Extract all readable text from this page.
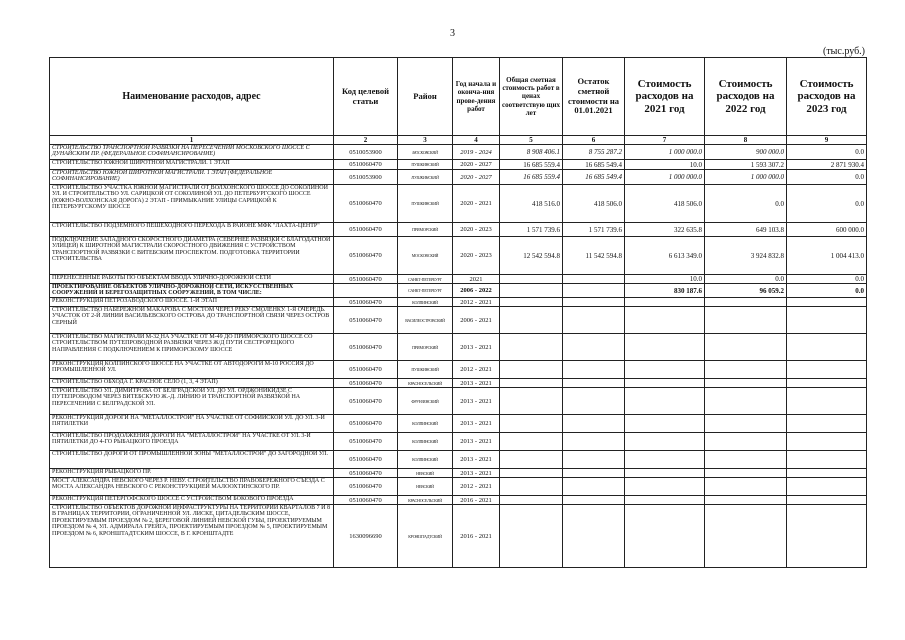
3
(тыс.руб.)
Наименование расходов, адрес	Код целевой статьи	Район	Год начала и оконча-ния прове-дения работ	Общая сметная стоимость работ в ценах соответствую щих лет	Остаток сметной стоимости на 01.01.2021	Стоимость расходов на 2021 год	Стоимость расходов на 2022 год	Стоимость расходов на 2023 год
1	2	3	4	5	6	7	8	9
СТРОИТЕЛЬСТВО ТРАНСПОРТНОЙ РАЗВЯЗКИ НА ПЕРЕСЕЧЕНИИ МОСКОВСКОГО ШОССЕ С ДУНАЙСКИМ ПР. (ФЕДЕРАЛЬНОЕ СОФИНАНСИРОВАНИЕ)	0510053900	МОСКОВСКИЙ	2019 - 2024	8 908 406.1	8 755 287.2	1 000 000.0	900 000.0	0.0
СТРОИТЕЛЬСТВО ЮЖНОЙ ШИРОТНОЙ МАГИСТРАЛИ. 1 ЭТАП	0510060470	ПУШКИНСКИЙ	2020 - 2027	16 685 559.4	16 685 549.4	10.0	1 593 307.2	2 871 930.4
СТРОИТЕЛЬСТВО ЮЖНОЙ ШИРОТНОЙ МАГИСТРАЛИ. 1 ЭТАП (ФЕДЕРАЛЬНОЕ СОФИНАНСИРОВАНИЕ)	0510053900	ПУШКИНСКИЙ	2020 - 2027	16 685 559.4	16 685 549.4	1 000 000.0	1 000 000.0	0.0
СТРОИТЕЛЬСТВО УЧАСТКА ЮЖНОЙ МАГИСТРАЛИ ОТ ВОЛХОНСКОГО ШОССЕ ДО СОКОЛИНОЙ УЛ. И СТРОИТЕЛЬСТВО УЛ. САРИЦКОЙ ОТ СОКОЛИНОЙ УЛ. ДО ПЕТЕРБУРГСКОГО ШОССЕ (ЮЖНО-ВОЛХОНСКАЯ ДОРОГА) 2 ЭТАП - ПРИМЫКАНИЕ УЛИЦЫ САРИЦКОЙ К ПЕТЕРБУРГСКОМУ ШОССЕ	0510060470	ПУШКИНСКИЙ	2020 - 2021	418 516.0	418 506.0	418 506.0	0.0	0.0
СТРОИТЕЛЬСТВО ПОДЗЕМНОГО ПЕШЕХОДНОГО ПЕРЕХОДА В РАЙОНЕ МФК "ЛАХТА-ЦЕНТР"	0510060470	ПРИМОРСКИЙ	2020 - 2023	1 571 739.6	1 571 739.6	322 635.8	649 103.8	600 000.0
ПОДКЛЮЧЕНИЕ ЗАПАДНОГО СКОРОСТНОГО ДИАМЕТРА (СЕВЕРНЕЕ РАЗВЯЗКИ С БЛАГОДАТНОЙ УЛИЦЕЙ) К ШИРОТНОЙ МАГИСТРАЛИ СКОРОСТНОГО ДВИЖЕНИЯ С УСТРОЙСТВОМ ТРАНСПОРТНОЙ РАЗВЯЗКИ С ВИТЕБСКИМ ПРОСПЕКТОМ. ПОДГОТОВКА ТЕРРИТОРИИ СТРОИТЕЛЬСТВА	0510060470	МОСКОВСКИЙ	2020 - 2023	12 542 594.8	11 542 594.8	6 613 349.0	3 924 832.8	1 004 413.0
ПЕРЕНЕСЕННЫЕ РАБОТЫ ПО ОБЪЕКТАМ ВВОДА УЛИЧНО-ДОРОЖНОЙ СЕТИ	0510060470	САНКТ-ПЕТЕРБУРГ	2021			10.0	0.0	0.0
ПРОЕКТИРОВАНИЕ ОБЪЕКТОВ УЛИЧНО-ДОРОЖНОЙ СЕТИ, ИСКУССТВЕННЫХ СООРУЖЕНИЙ И БЕРЕГОЗАЩИТНЫХ СООРУЖЕНИЙ, В ТОМ ЧИСЛЕ:		САНКТ-ПЕТЕРБУРГ	2006 - 2022			830 187.6	96 059.2	0.0
РЕКОНСТРУКЦИЯ ПЕТРОЗАВОДСКОГО ШОССЕ. 1-Й ЭТАП	0510060470	КОЛПИНСКИЙ	2012 - 2021					
СТРОИТЕЛЬСТВО НАБЕРЕЖНОЙ МАКАРОВА С МОСТОМ ЧЕРЕЗ РЕКУ СМОЛЕНКУ. 1-Я ОЧЕРЕДЬ. УЧАСТОК ОТ 2-Й ЛИНИИ ВАСИЛЬЕВСКОГО ОСТРОВА ДО ТРАНСПОРТНОЙ СВЯЗИ ЧЕРЕЗ ОСТРОВ СЕРНЫЙ	0510060470	ВАСИЛЕОСТРОВСКИЙ	2006 - 2021					
СТРОИТЕЛЬСТВО МАГИСТРАЛИ М-32 НА УЧАСТКЕ ОТ М-49 ДО ПРИМОРСКОГО ШОССЕ СО СТРОИТЕЛЬСТВОМ ПУТЕПРОВОДНОЙ РАЗВЯЗКИ ЧЕРЕЗ Ж/Д ПУТИ СЕСТРОРЕЦКОГО НАПРАВЛЕНИЯ С ПОДКЛЮЧЕНИЕМ К ПРИМОРСКОМУ ШОССЕ	0510060470	ПРИМОРСКИЙ	2013 - 2021					
РЕКОНСТРУКЦИЯ КОЛПИНСКОГО ШОССЕ НА УЧАСТКЕ ОТ АВТОДОРОГИ М-10 РОССИЯ ДО ПРОМЫШЛЕННОЙ УЛ.	0510060470	ПУШКИНСКИЙ	2012 - 2021					
СТРОИТЕЛЬСТВО ОБХОДА Г. КРАСНОЕ СЕЛО (1, 3, 4 ЭТАП)	0510060470	КРАСНОСЕЛЬСКИЙ	2013 - 2021					
СТРОИТЕЛЬСТВО УЛ. ДИМИТРОВА ОТ БЕЛГРАДСКОЙ УЛ. ДО УЛ. ОРДЖОНИКИДЗЕ С ПУТЕПРОВОДОМ ЧЕРЕЗ ВИТЕБСКУЮ Ж.-Д. ЛИНИЮ И ТРАНСПОРТНОЙ РАЗВЯЗКОЙ НА ПЕРЕСЕЧЕНИИ С БЕЛГРАДСКОЙ УЛ.	0510060470	ФРУНЗЕНСКИЙ	2013 - 2021					
РЕКОНСТРУКЦИЯ ДОРОГИ НА "МЕТАЛЛОСТРОЙ" НА УЧАСТКЕ ОТ СОФИЙСКОЙ УЛ. ДО УЛ. 3-Й ПЯТИЛЕТКИ	0510060470	КОЛПИНСКИЙ	2013 - 2021					
СТРОИТЕЛЬСТВО ПРОДОЛЖЕНИЯ ДОРОГИ НА "МЕТАЛЛОСТРОЙ" НА УЧАСТКЕ ОТ УЛ. 3-Й ПЯТИЛЕТКИ ДО 4-ГО РЫБАЦКОГО ПРОЕЗДА	0510060470	КОЛПИНСКИЙ	2013 - 2021					
СТРОИТЕЛЬСТВО ДОРОГИ ОТ ПРОМЫШЛЕННОЙ ЗОНЫ "МЕТАЛЛОСТРОЙ" ДО ЗАГОРОДНОЙ УЛ.	0510060470	КОЛПИНСКИЙ	2013 - 2021					
РЕКОНСТРУКЦИЯ РЫБАЦКОГО ПР.	0510060470	НЕВСКИЙ	2013 - 2021					
МОСТ АЛЕКСАНДРА НЕВСКОГО ЧЕРЕЗ Р. НЕВУ. СТРОИТЕЛЬСТВО ПРАВОБЕРЕЖНОГО СЪЕЗДА С МОСТА АЛЕКСАНДРА НЕВСКОГО С РЕКОНСТРУКЦИЕЙ МАЛООХТИНСКОГО ПР.	0510060470	НЕВСКИЙ	2012 - 2021					
РЕКОНСТРУКЦИЯ ПЕТЕРГОФСКОГО ШОССЕ С УСТРОЙСТВОМ БОКОВОГО ПРОЕЗДА	0510060470	КРАСНОСЕЛЬСКИЙ	2016 - 2021					
СТРОИТЕЛЬСТВО ОБЪЕКТОВ ДОРОЖНОЙ ИНФРАСТРУКТУРЫ НА ТЕРРИТОРИИ КВАРТАЛОВ 7 И 8 В ГРАНИЦАХ ТЕРРИТОРИИ, ОГРАНИЧЕННОЙ УЛ. ЛИСКЕ, ЦИТАДЕЛЬСКИМ ШОССЕ, ПРОЕКТИРУЕМЫМ ПРОЕЗДОМ № 2, БЕРЕГОВОЙ ЛИНИЕЙ НЕВСКОЙ ГУБЫ, ПРОЕКТИРУЕМЫМ ПРОЕЗДОМ № 4, УЛ. АДМИРАЛА ГРЕЙГА, ПРОЕКТИРУЕМЫМ ПРОЕЗДОМ № 5, ПРОЕКТИРУЕМЫМ ПРОЕЗДОМ № 6, КРОНШТАДТСКИМ ШОССЕ, В Г. КРОНШТАДТЕ	1630096690	КРОНШТАДТСКИЙ	2016 - 2021					
